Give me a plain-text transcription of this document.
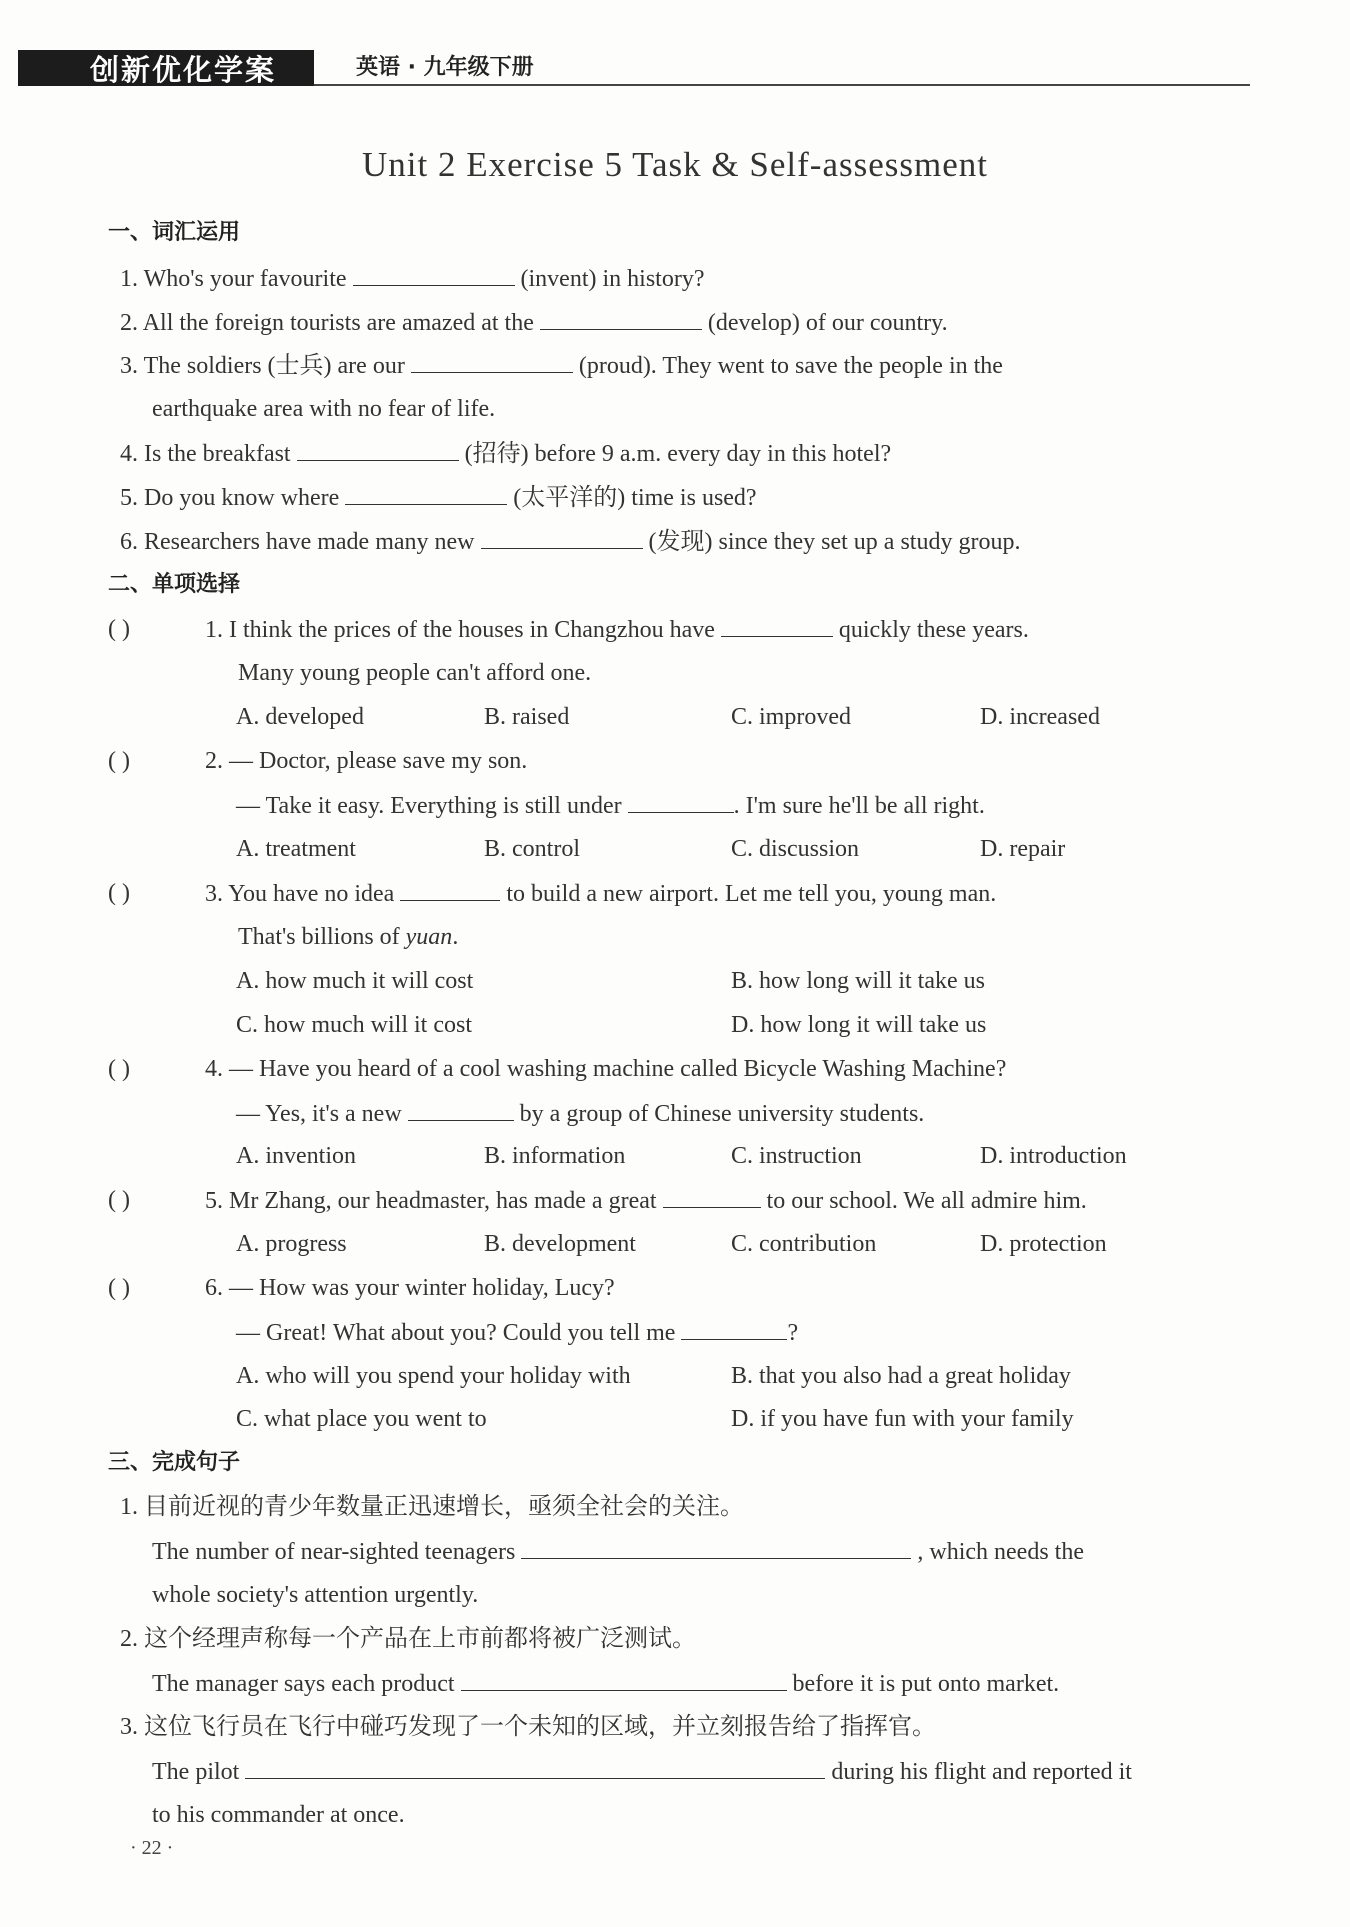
创新优化学案	英语 · 九年级下册
Unit 2 Exercise 5 Task & Self-assessment
一、词汇运用
1. Who's your favourite	(invent) in history?
2. All the foreign tourists are amazed at the	(develop) of our country.
3. The soldiers (士兵) are our	(proud). They went to save the people in the
earthquake area with no fear of life.
4. Is the breakfast	(招待) before 9 a.m. every day in this hotel?
5. Do you know where	(太平洋的) time is used?
6. Researchers have made many new	(发现) since they set up a study group.
二、单项选择
( )	1. I think the prices of the houses in Changzhou have	quickly these years.
Many young people can't afford one.
A. developed	B. raised	C. improved	D. increased
( )	2. — Doctor, please save my son.
— Take it easy. Everything is still under	. I'm sure he'll be all right.
A. treatment	B. control	C. discussion	D. repair
( )	3. You have no idea	to build a new airport. Let me tell you, young man.
That's billions of yuan.
A. how much it will cost	B. how long will it take us
C. how much will it cost	D. how long it will take us
( )	4. — Have you heard of a cool washing machine called Bicycle Washing Machine?
— Yes, it's a new	by a group of Chinese university students.
A. invention	B. information	C. instruction	D. introduction
( )	5. Mr Zhang, our headmaster, has made a great	to our school. We all admire him.
A. progress	B. development	C. contribution	D. protection
( )	6. — How was your winter holiday, Lucy?
— Great! What about you? Could you tell me	?
A. who will you spend your holiday with	B. that you also had a great holiday
C. what place you went to	D. if you have fun with your family
三、完成句子
1. 目前近视的青少年数量正迅速增长，亟须全社会的关注。
The number of near-sighted teenagers	, which needs the
whole society's attention urgently.
2. 这个经理声称每一个产品在上市前都将被广泛测试。
The manager says each product	before it is put onto market.
3. 这位飞行员在飞行中碰巧发现了一个未知的区域，并立刻报告给了指挥官。
The pilot	during his flight and reported it
to his commander at once.
· 22 ·
